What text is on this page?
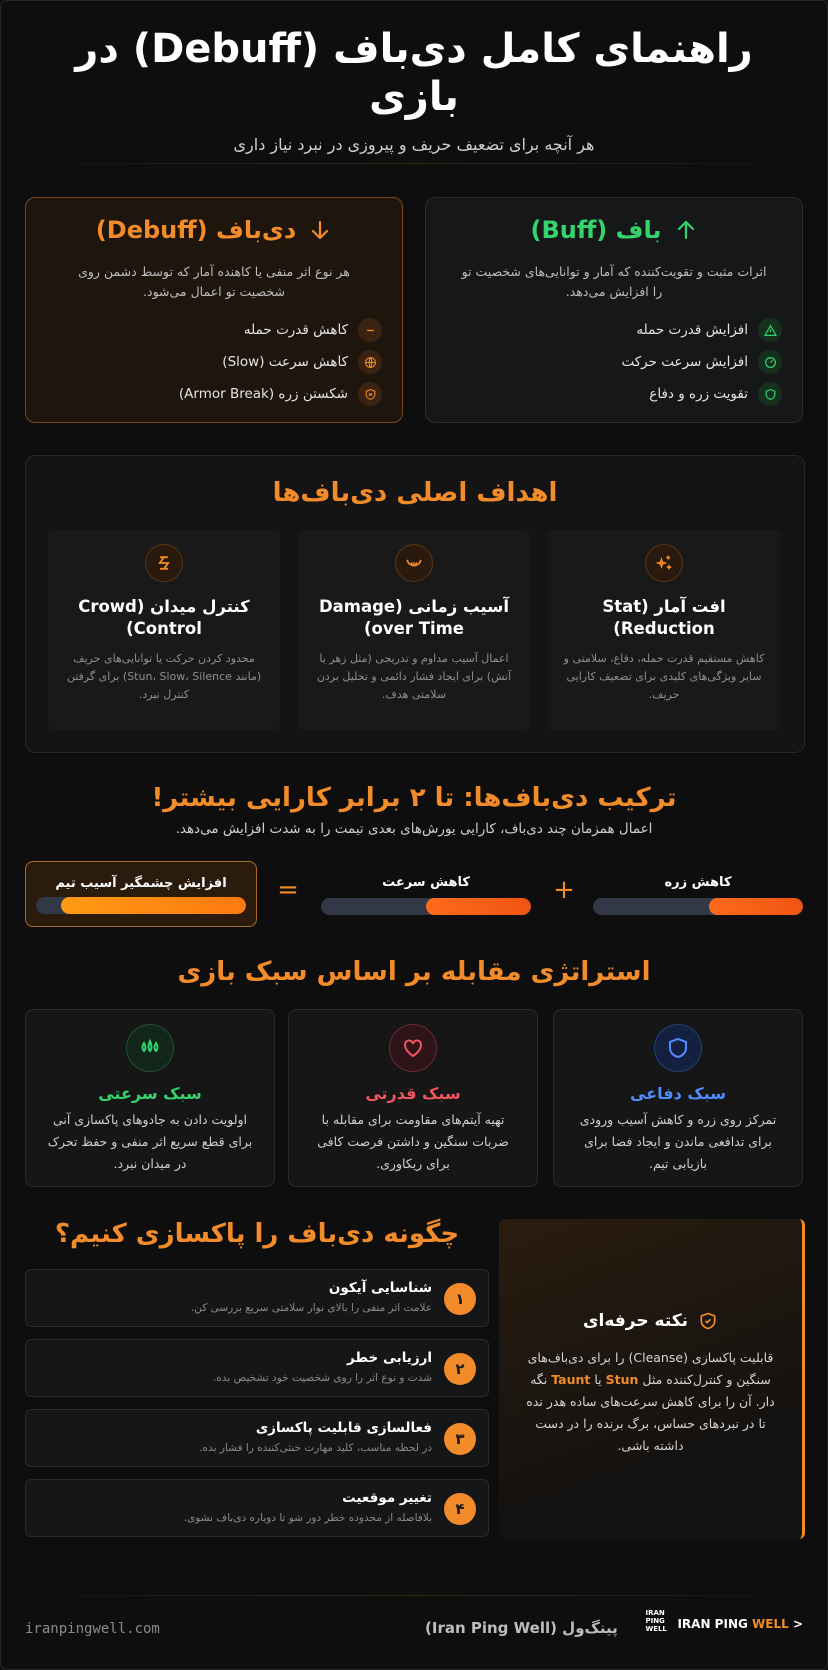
راهنمای کامل دی‌باف (Debuff) در بازی
هر آنچه برای تضعیف حریف و پیروزی در نبرد نیاز داری
باف (Buff)
اثرات مثبت و تقویت‌کننده که آمار و توانایی‌های شخصیت تو را افزایش می‌دهد.
افزایش قدرت حمله
افزایش سرعت حرکت
تقویت زره و دفاع
دی‌باف (Debuff)
هر نوع اثر منفی یا کاهنده آمار که توسط دشمن روی شخصیت تو اعمال می‌شود.
کاهش قدرت حمله
کاهش سرعت (Slow)
شکستن زره (Armor Break)
اهداف اصلی دی‌باف‌ها
افت آمار (Stat Reduction)
کاهش مستقیم قدرت حمله، دفاع، سلامتی و سایر ویژگی‌های کلیدی برای تضعیف کارایی حریف.
آسیب زمانی (Damage over Time)
اعمال آسیب مداوم و تدریجی (مثل زهر یا آتش) برای ایجاد فشار دائمی و تحلیل بردن سلامتی هدف.
کنترل میدان (Crowd Control)
محدود کردن حرکت یا توانایی‌های حریف (مانند Stun، Slow، Silence) برای گرفتن کنترل نبرد.
ترکیب دی‌باف‌ها: تا ۲ برابر کارایی بیشتر!

اعمال همزمان چند دی‌باف، کارایی یورش‌های بعدی تیمت را به شدت افزایش می‌دهد.

کاهش زره
+
کاهش سرعت
=
افزایش چشمگیر آسیب تیم
استراتژی مقابله بر اساس سبک بازی
سبک دفاعی
تمرکز روی زره و کاهش آسیب ورودی برای تدافعی ماندن و ایجاد فضا برای بازیابی تیم.
سبک قدرتی
تهیه آیتم‌های مقاومت برای مقابله با ضربات سنگین و داشتن فرصت کافی برای ریکاوری.
سبک سرعتی
اولویت دادن به جادوهای پاکسازی آنی برای قطع سریع اثر منفی و حفظ تحرک در میدان نبرد.
چگونه دی‌باف را پاکسازی کنیم؟
۱
شناسایی آیکون
علامت اثر منفی را بالای نوار سلامتی سریع بررسی کن.
۲
ارزیابی خطر
شدت و نوع اثر را روی شخصیت خود تشخیص بده.
۳
فعالسازی قابلیت پاکسازی
در لحظه مناسب، کلید مهارت خنثی‌کننده را فشار بده.
۴
تغییر موقعیت
بلافاصله از محدوده خطر دور شو تا دوباره دی‌باف نشوی.
نکته حرفه‌ای
قابلیت پاکسازی (Cleanse) را برای دی‌باف‌های سنگین و کنترل‌کننده مثل Stun یا Taunt نگه دار. آن را برای کاهش سرعت‌های ساده هدر نده تا در نبردهای حساس، برگ برنده را در دست داشته باشی.
iranpingwell.com	پینگ‌ول (Iran Ping Well)
IRAN
PING
WELL IRAN PING WELL >
